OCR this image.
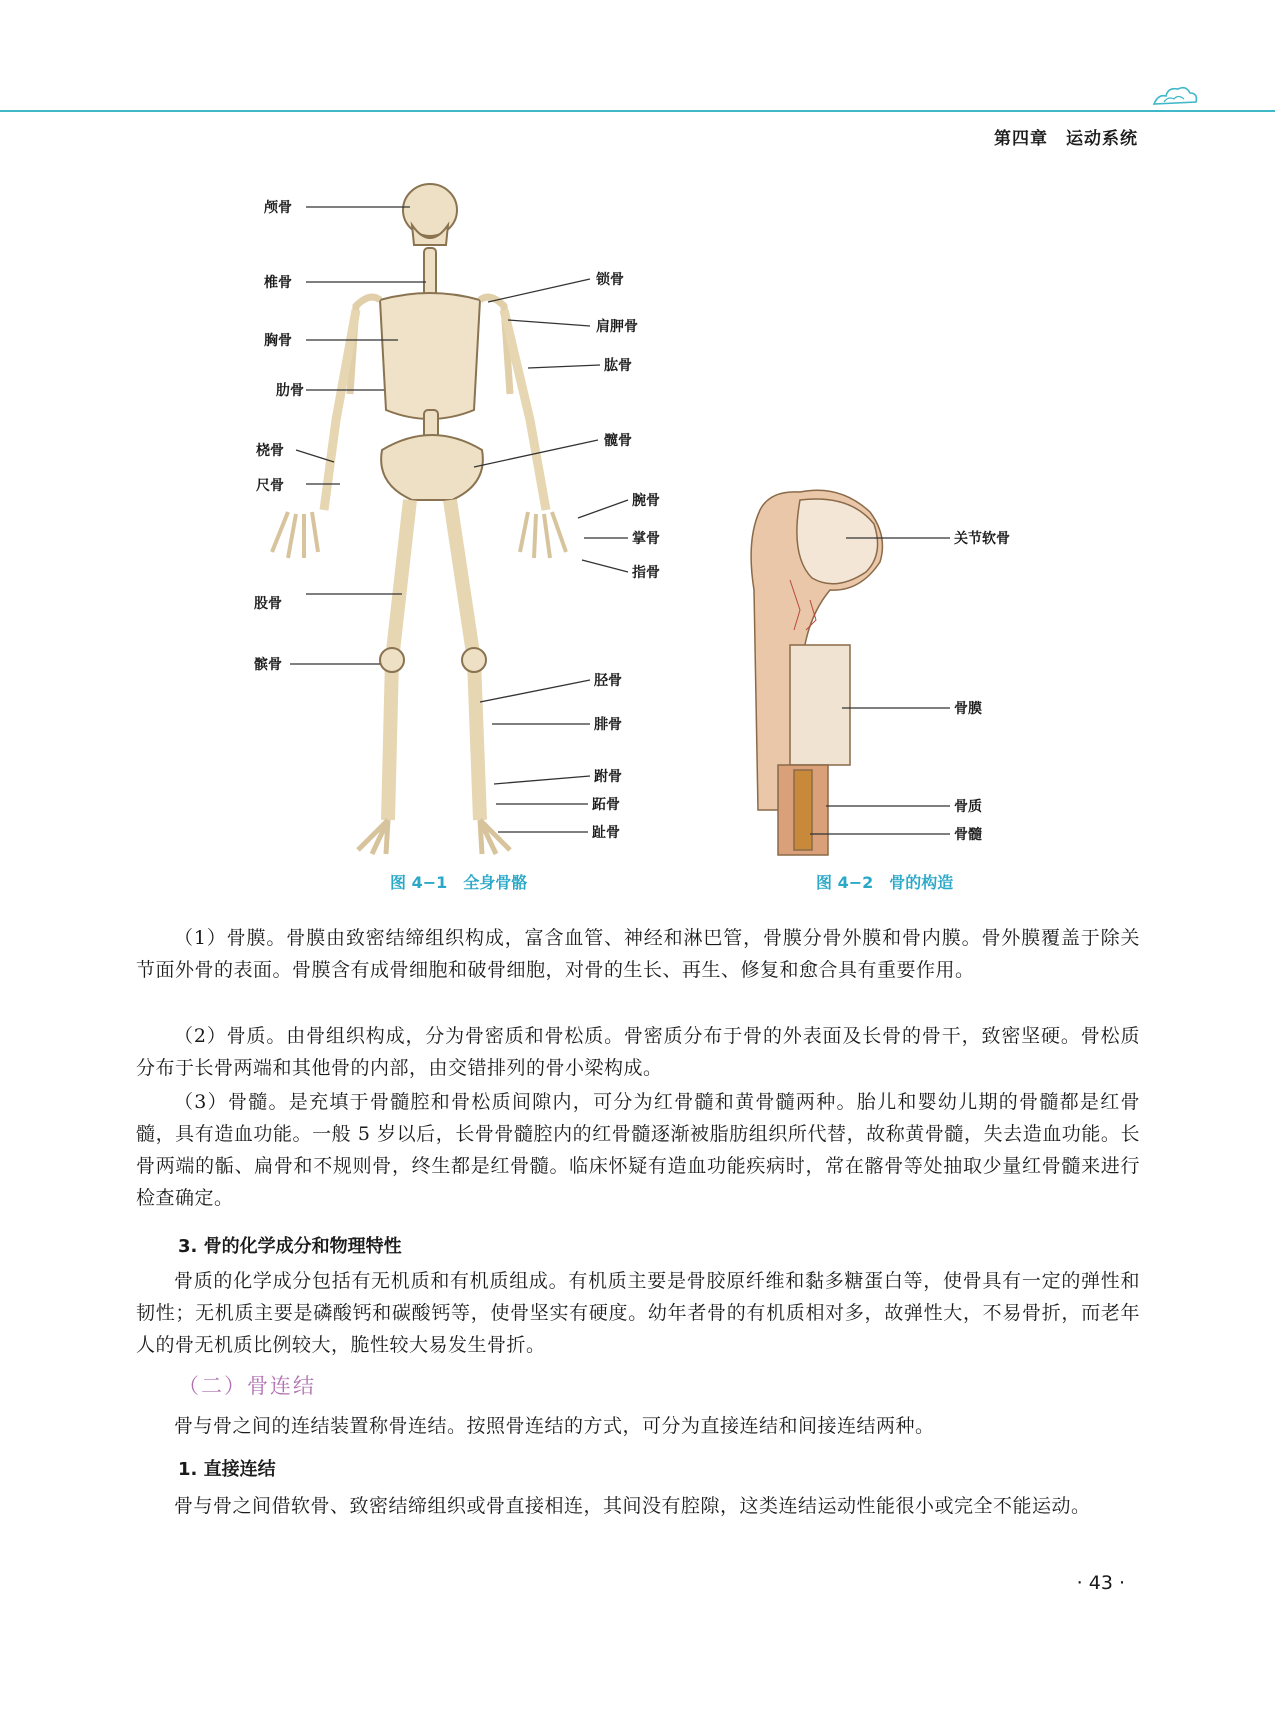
第四章　运动系统
颅骨
椎骨
胸骨
肋骨
桡骨
尺骨
股骨
髌骨
锁骨
肩胛骨
肱骨
髋骨
腕骨
掌骨
指骨
胫骨
腓骨
跗骨
跖骨
趾骨
关节软骨
骨膜
骨质
骨髓
图 4−1　全身骨骼	图 4−2　骨的构造
（1）骨膜。骨膜由致密结缔组织构成，富含血管、神经和淋巴管，骨膜分骨外膜和骨内膜。骨外膜覆盖于除关节面外骨的表面。骨膜含有成骨细胞和破骨细胞，对骨的生长、再生、修复和愈合具有重要作用。
（2）骨质。由骨组织构成，分为骨密质和骨松质。骨密质分布于骨的外表面及长骨的骨干，致密坚硬。骨松质分布于长骨两端和其他骨的内部，由交错排列的骨小梁构成。
（3）骨髓。是充填于骨髓腔和骨松质间隙内，可分为红骨髓和黄骨髓两种。胎儿和婴幼儿期的骨髓都是红骨髓，具有造血功能。一般 5 岁以后，长骨骨髓腔内的红骨髓逐渐被脂肪组织所代替，故称黄骨髓，失去造血功能。长骨两端的骺、扁骨和不规则骨，终生都是红骨髓。临床怀疑有造血功能疾病时，常在髂骨等处抽取少量红骨髓来进行检查确定。
3. 骨的化学成分和物理特性
骨质的化学成分包括有无机质和有机质组成。有机质主要是骨胶原纤维和黏多糖蛋白等，使骨具有一定的弹性和韧性；无机质主要是磷酸钙和碳酸钙等，使骨坚实有硬度。幼年者骨的有机质相对多，故弹性大，不易骨折，而老年人的骨无机质比例较大，脆性较大易发生骨折。
（二）骨连结
骨与骨之间的连结装置称骨连结。按照骨连结的方式，可分为直接连结和间接连结两种。
1. 直接连结
骨与骨之间借软骨、致密结缔组织或骨直接相连，其间没有腔隙，这类连结运动性能很小或完全不能运动。
· 43 ·
